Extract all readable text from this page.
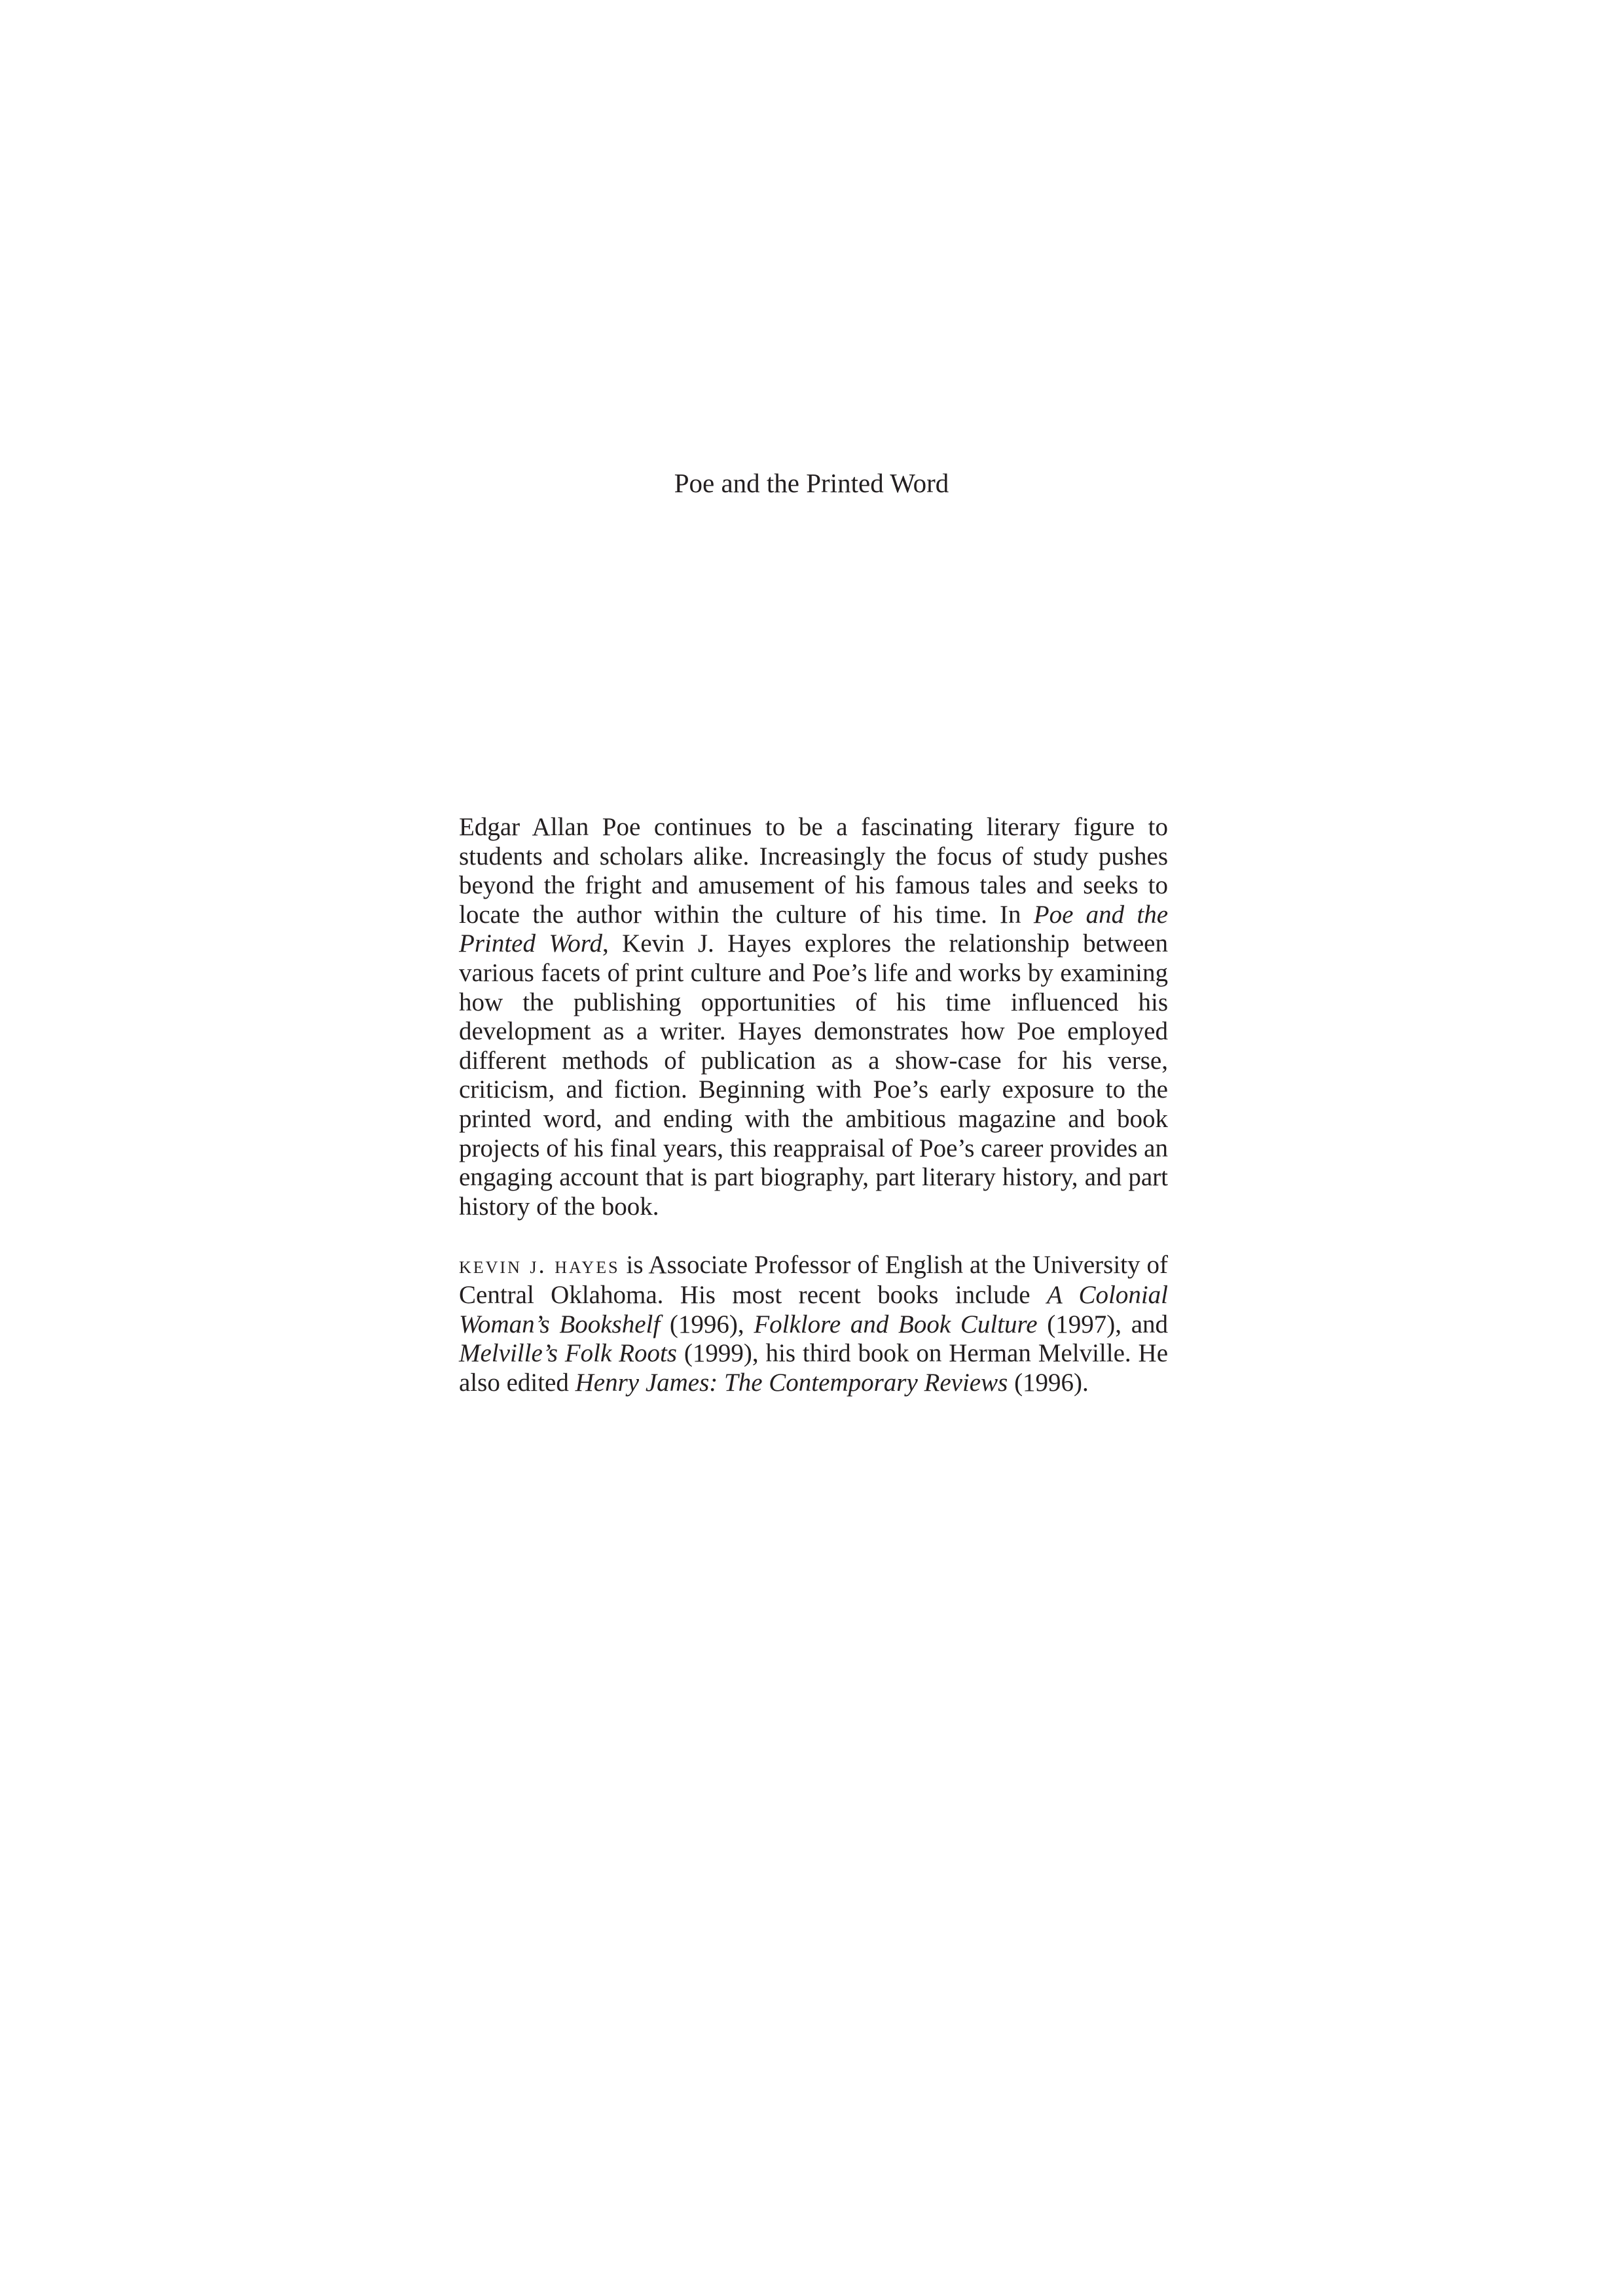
Poe and the Printed Word

Edgar Allan Poe continues to be a fascinating literary figure to students and scholars alike. Increasingly the focus of study pushes beyond the fright and amusement of his famous tales and seeks to locate the author within the culture of his time. In Poe and the Printed Word, Kevin J. Hayes explores the relationship between various facets of print culture and Poe’s life and works by examining how the publishing opportunities of his time influenced his development as a writer. Hayes demonstrates how Poe employed different methods of publication as a show-case for his verse, criticism, and fiction. Beginning with Poe’s early exposure to the printed word, and ending with the ambitious magazine and book projects of his final years, this reappraisal of Poe’s career provides an engaging account that is part biography, part literary history, and part history of the book.

kevin j. hayes is Associate Professor of English at the University of Central Oklahoma. His most recent books include A Colonial Woman’s Bookshelf (1996), Folklore and Book Culture (1997), and Melville’s Folk Roots (1999), his third book on Herman Melville. He also edited Henry James: The Contemporary Reviews (1996).
